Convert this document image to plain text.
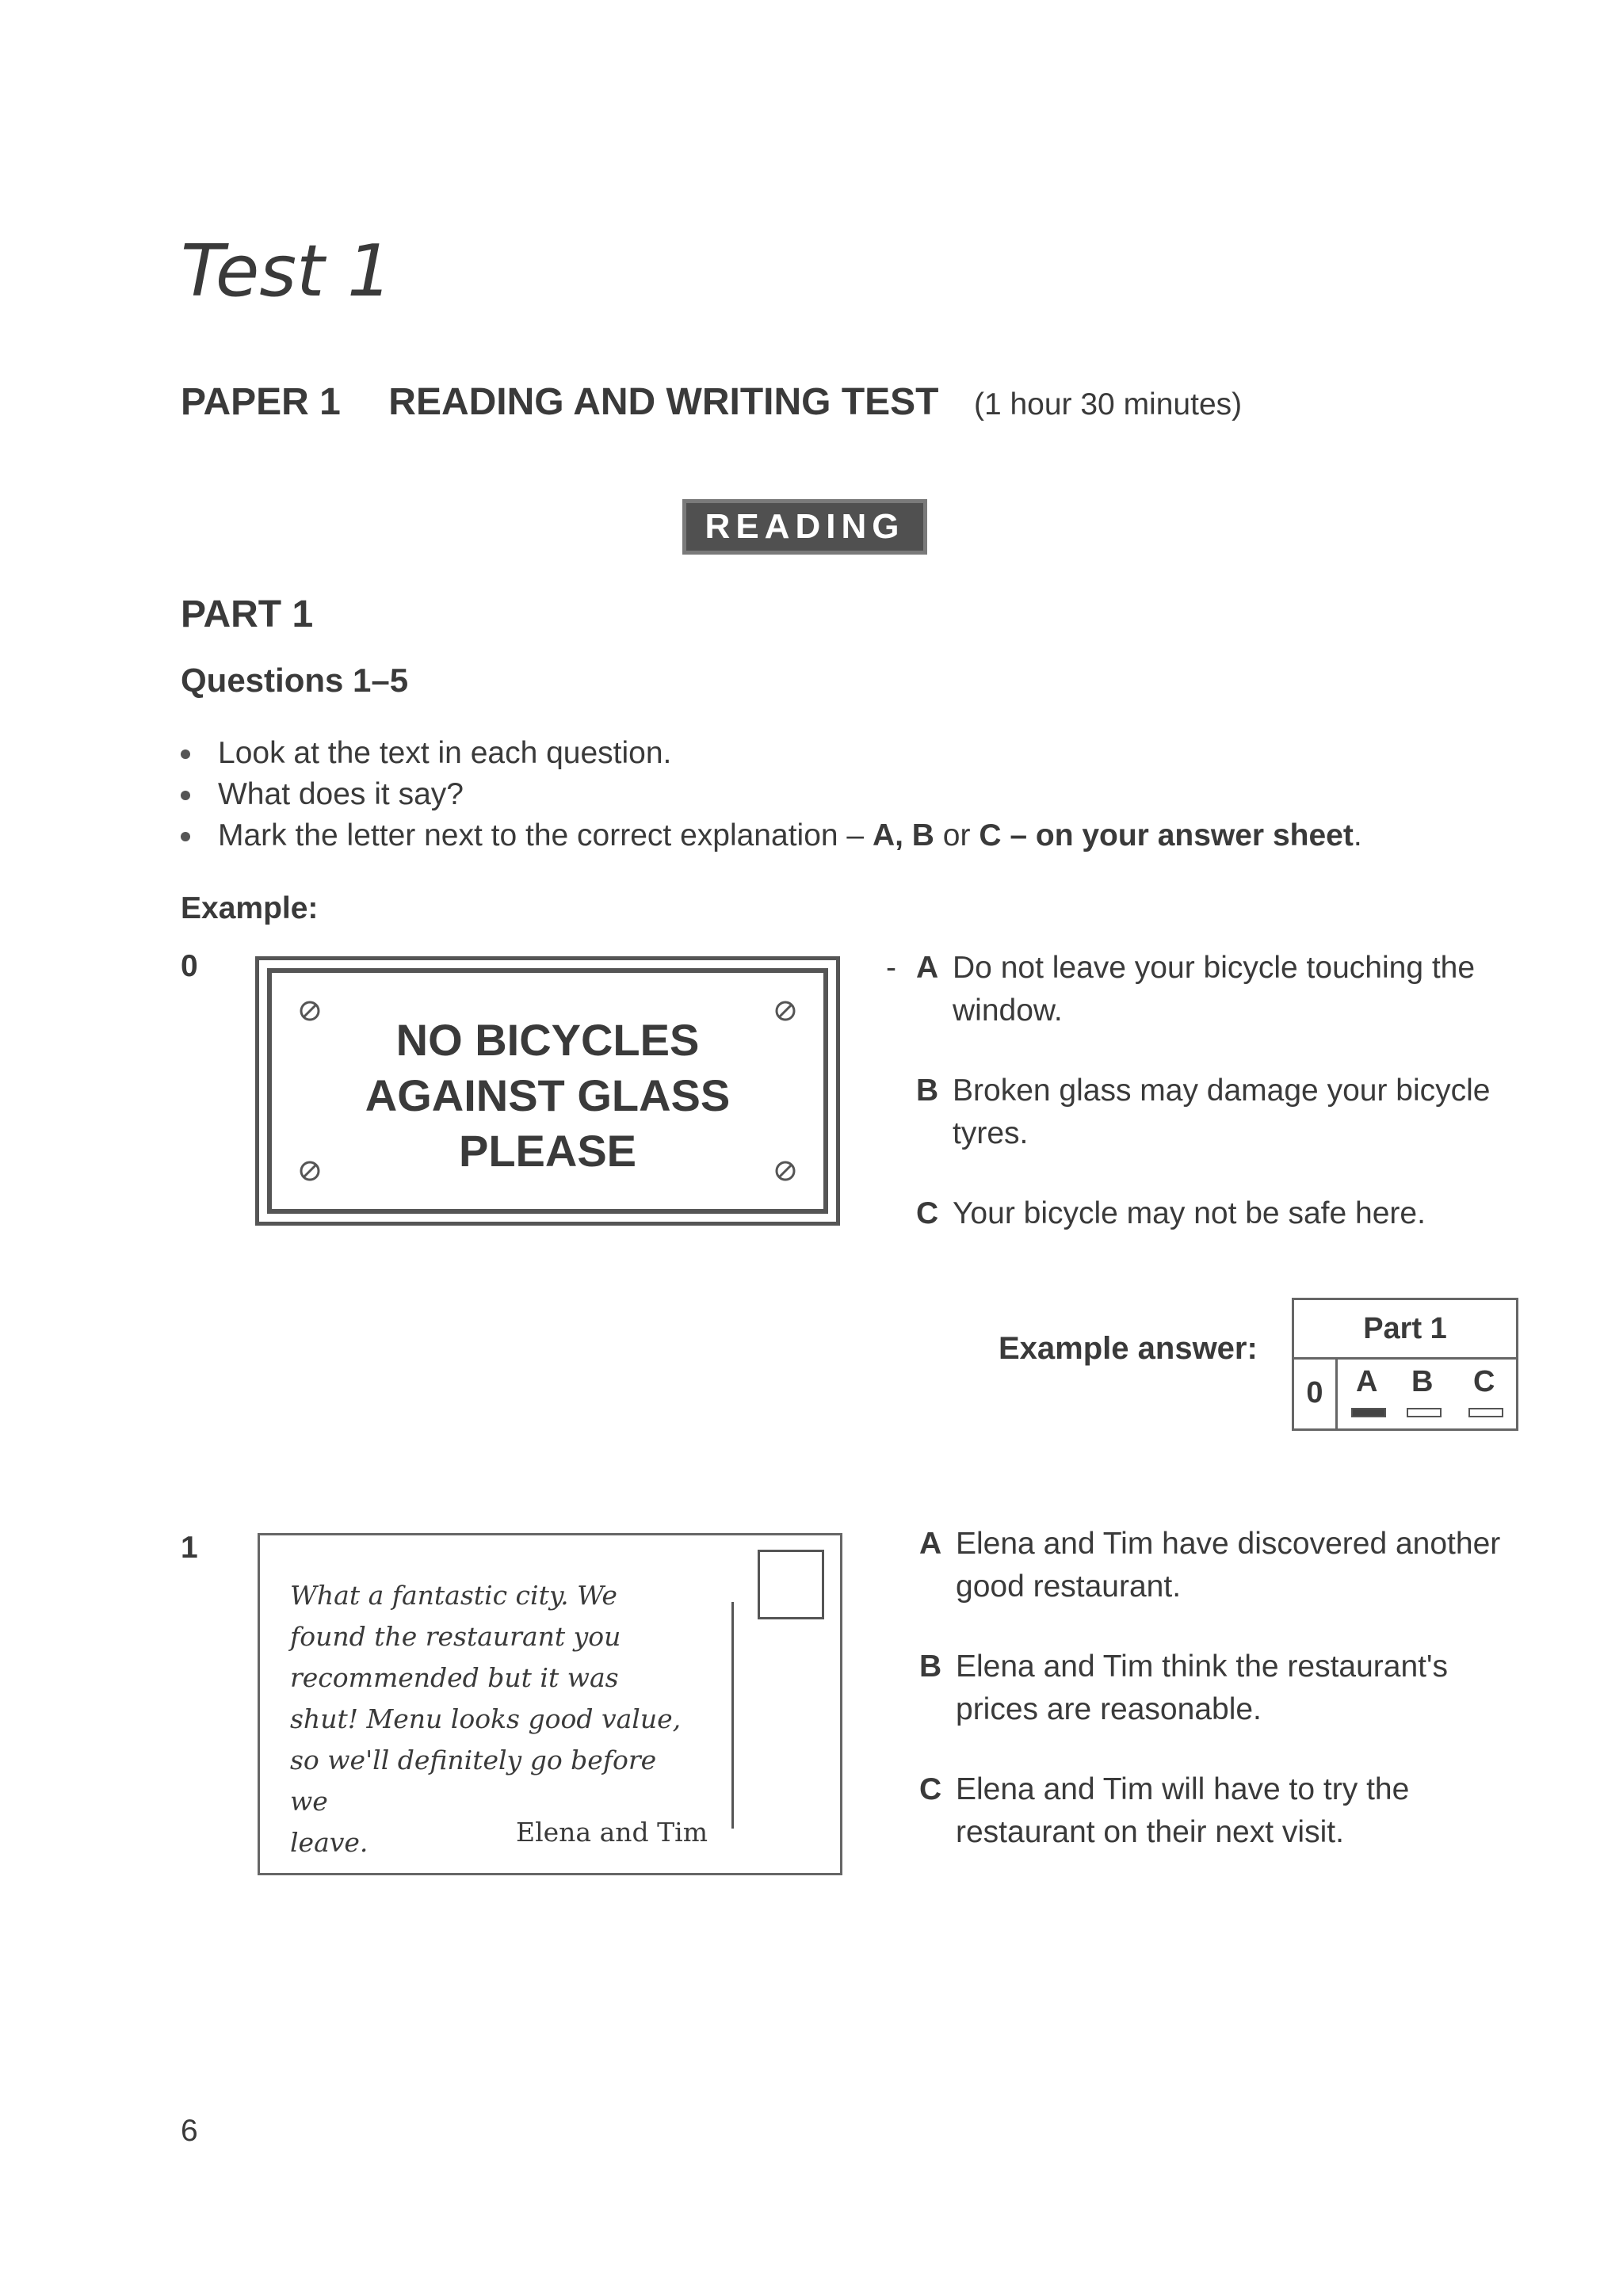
Test 1
PAPER 1 READING AND WRITING TEST (1 hour 30 minutes)
READING
PART 1
Questions 1–5
Look at the text in each question.
What does it say?
Mark the letter next to the correct explanation – A, B or C – on your answer sheet.
Example:
0
NO BICYCLES
AGAINST GLASS
PLEASE
- A Do not leave your bicycle touching the
window.
B Broken glass may damage your bicycle
tyres.
C Your bicycle may not be safe here.
Example answer:
Part 1
0	A B C
1
What a fantastic city. We
found the restaurant you
recommended but it was
shut! Menu looks good value,
so we'll definitely go before we
leave.	Elena and Tim
A Elena and Tim have discovered another
good restaurant.
B Elena and Tim think the restaurant's
prices are reasonable.
C Elena and Tim will have to try the
restaurant on their next visit.
6
